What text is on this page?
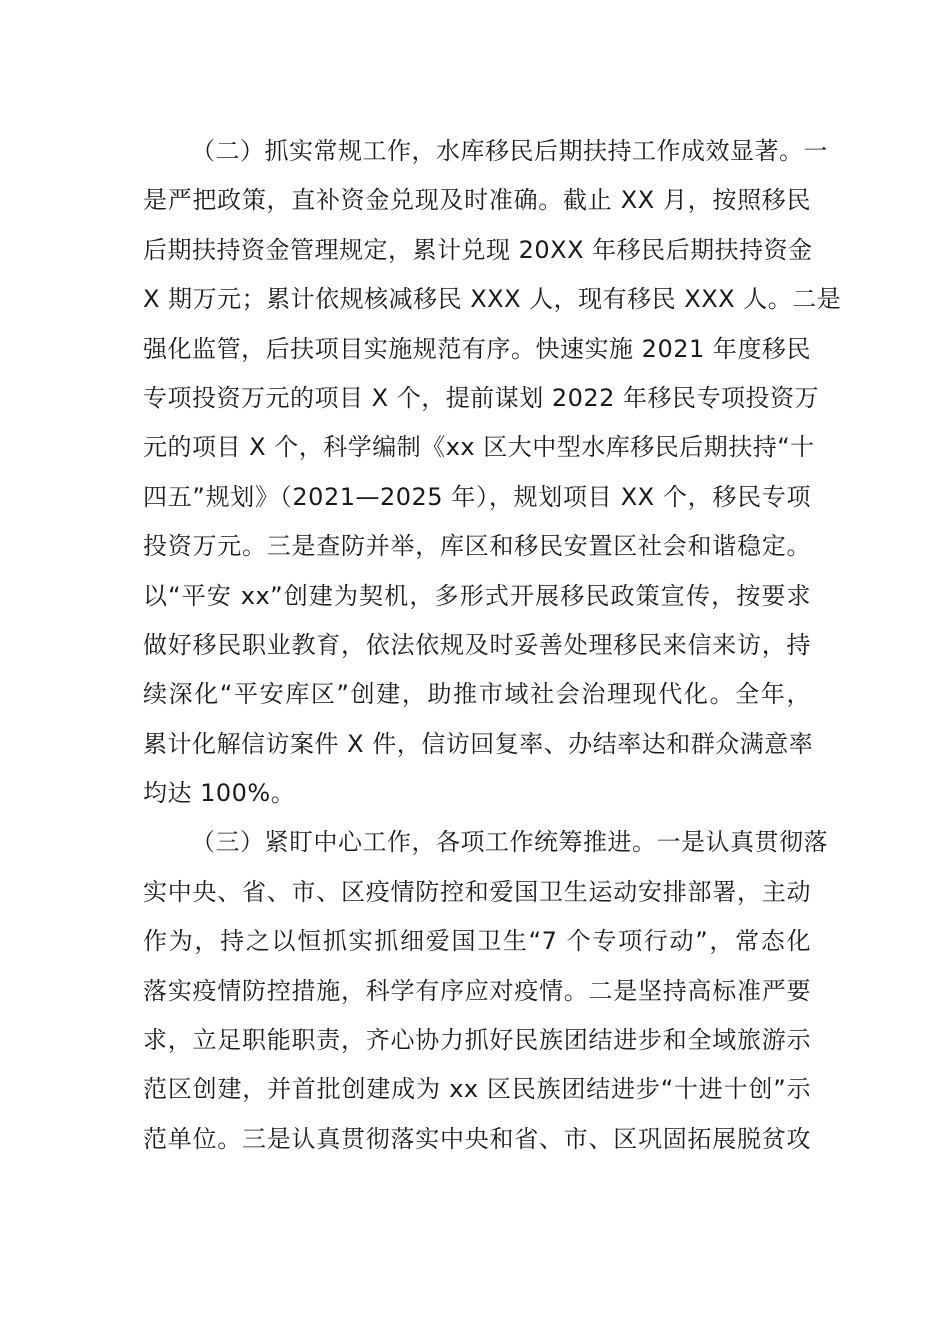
（二）抓实常规工作，水库移民后期扶持工作成效显著。一
是严把政策，直补资金兑现及时准确。截止 XX 月，按照移民
后期扶持资金管理规定，累计兑现 20XX 年移民后期扶持资金
X 期万元；累计依规核减移民 XXX 人，现有移民 XXX 人。二是
强化监管，后扶项目实施规范有序。快速实施 2021 年度移民
专项投资万元的项目 X 个，提前谋划 2022 年移民专项投资万
元的项目 X 个，科学编制《xx 区大中型水库移民后期扶持“十
四五”规划》（2021—2025 年），规划项目 XX 个，移民专项
投资万元。三是查防并举，库区和移民安置区社会和谐稳定。
以“平安 xx”创建为契机，多形式开展移民政策宣传，按要求
做好移民职业教育，依法依规及时妥善处理移民来信来访，持
续深化“平安库区”创建，助推市域社会治理现代化。全年，
累计化解信访案件 X 件，信访回复率、办结率达和群众满意率
均达 100%。
（三）紧盯中心工作，各项工作统筹推进。一是认真贯彻落
实中央、省、市、区疫情防控和爱国卫生运动安排部署，主动
作为，持之以恒抓实抓细爱国卫生“7 个专项行动”，常态化
落实疫情防控措施，科学有序应对疫情。二是坚持高标准严要
求，立足职能职责，齐心协力抓好民族团结进步和全域旅游示
范区创建，并首批创建成为 xx 区民族团结进步“十进十创”示
范单位。三是认真贯彻落实中央和省、市、区巩固拓展脱贫攻
